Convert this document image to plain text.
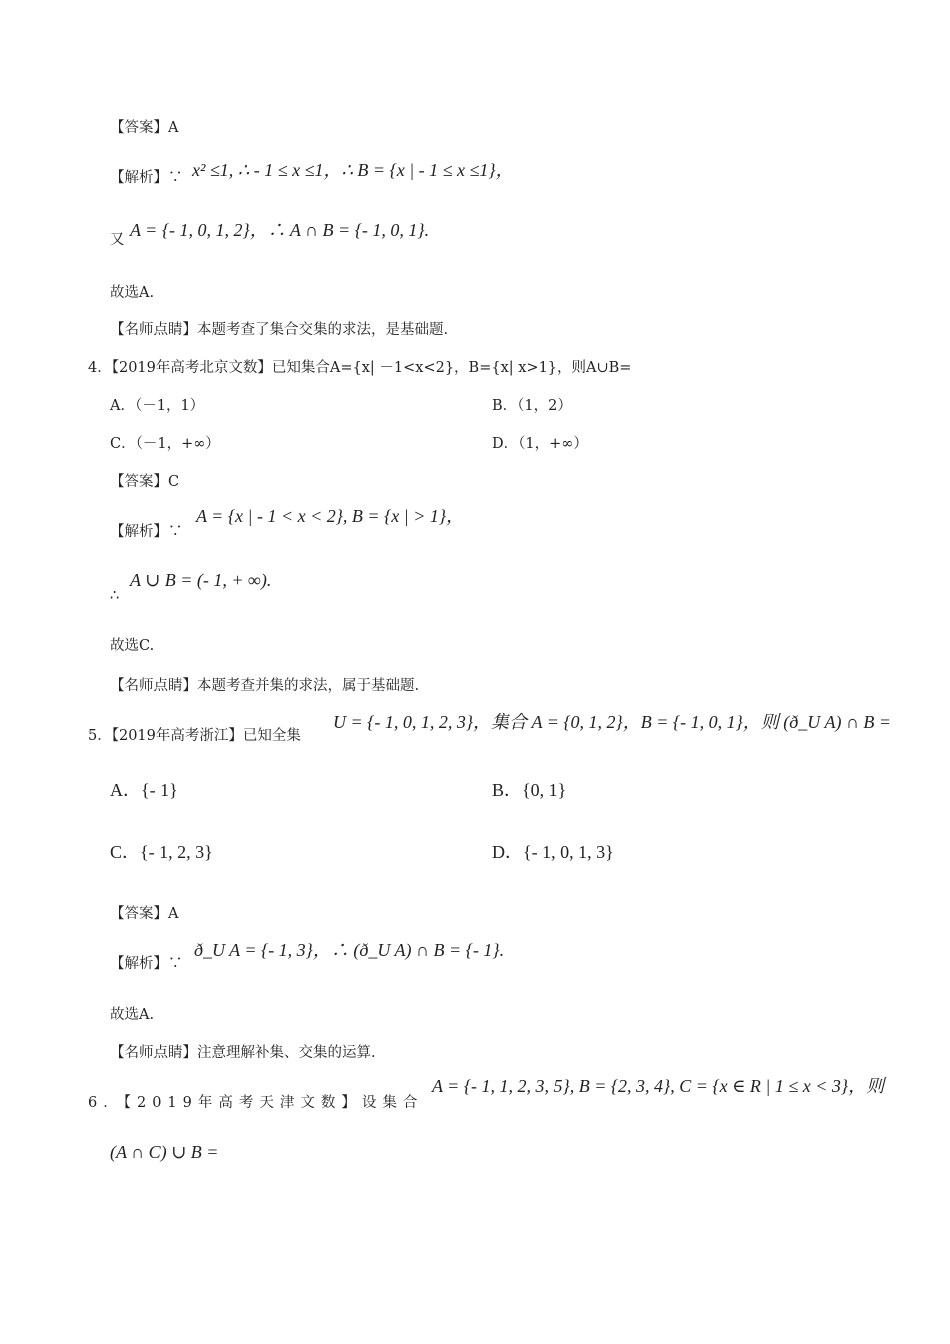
【答案】A
【解析】∵ x² ≤1, ∴ - 1 ≤ x ≤1，∴ B = {x | - 1 ≤ x ≤1}，
又 A = {- 1, 0, 1, 2}，∴ A ∩ B = {- 1, 0, 1}.
故选A.
【名师点睛】本题考查了集合交集的求法，是基础题.
4．【2019年高考北京文数】已知集合A={x| －1<x<2}，B={x| x>1}，则A∪B=
A．（－1，1）	B．（1，2）
C．（－1，+∞）	D．（1，+∞）
【答案】C
【解析】∵
A = {x | - 1 < x < 2}, B = {x | > 1}，
∴
A ∪ B = (- 1, + ∞).
故选C.
【名师点睛】本题考查并集的求法，属于基础题.
5．【2019年高考浙江】已知全集
U = {- 1, 0, 1, 2, 3}，集合 A = {0, 1, 2}，B = {- 1, 0, 1}，则 (ð_U A) ∩ B =
A．{- 1}	B．{0, 1}
C．{- 1, 2, 3}	D．{- 1, 0, 1, 3}
【答案】A
【解析】∵
ð_U A = {- 1, 3}，∴ (ð_U A) ∩ B = {- 1}.
故选A.
【名师点睛】注意理解补集、交集的运算.
6．【2019年高考天津文数】设集合
A = {- 1, 1, 2, 3, 5}, B = {2, 3, 4}, C = {x ∈ R | 1 ≤ x < 3}，则
(A ∩ C) ∪ B =
